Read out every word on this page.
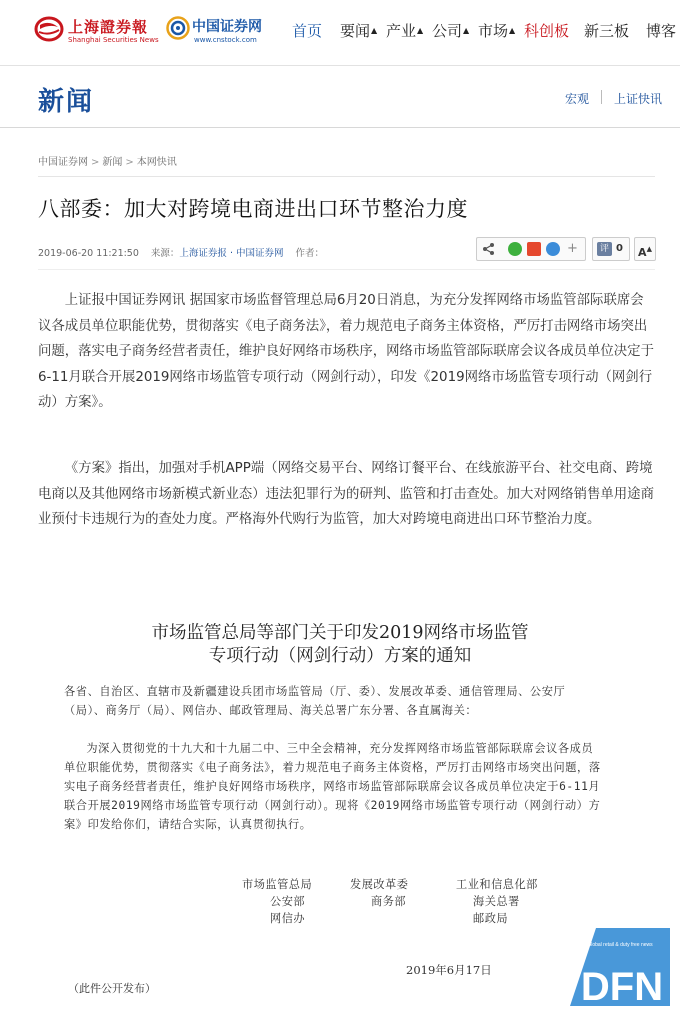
上海證券報
Shanghai Securities News
中国证券网
www.cnstock.com 首页 要闻▲ 产业▲ 公司▲ 市场▲ 科创板 新三板 博客
新闻	宏观 上证快讯
中国证券网 > 新闻 > 本网快讯
八部委：加大对跨境电商进出口环节整治力度
2019-06-20 11:21:50 来源：上海证券报 · 中国证券网 作者：	+	评 0	A▲

上证报中国证券网讯 据国家市场监督管理总局6月20日消息，为充分发挥网络市场监管部际联席会议各成员单位职能优势，贯彻落实《电子商务法》，着力规范电子商务主体资格，严厉打击网络市场突出问题，落实电子商务经营者责任，维护良好网络市场秩序，网络市场监管部际联席会议各成员单位决定于6-11月联合开展2019网络市场监管专项行动（网剑行动），印发《2019网络市场监管专项行动（网剑行动）方案》。

《方案》指出，加强对手机APP端（网络交易平台、网络订餐平台、在线旅游平台、社交电商、跨境电商以及其他网络市场新模式新业态）违法犯罪行为的研判、监管和打击查处。加大对网络销售单用途商业预付卡违规行为的查处力度。严格海外代购行为监管，加大对跨境电商进出口环节整治力度。

市场监管总局等部门关于印发2019网络市场监管
专项行动（网剑行动）方案的通知
各省、自治区、直辖市及新疆建设兵团市场监管局（厅、委）、发展改革委、通信管理局、公安厅（局）、商务厅（局）、网信办、邮政管理局、海关总署广东分署、各直属海关：
为深入贯彻党的十九大和十九届二中、三中全会精神，充分发挥网络市场监管部际联席会议各成员单位职能优势，贯彻落实《电子商务法》，着力规范电子商务主体资格，严厉打击网络市场突出问题，落实电子商务经营者责任，维护良好网络市场秩序，网络市场监管部际联席会议各成员单位决定于6-11月联合开展2019网络市场监管专项行动（网剑行动）。现将《2019网络市场监管专项行动（网剑行动）方案》印发给你们，请结合实际，认真贯彻执行。
市场监管总局	发展改革委	工业和信息化部
公安部	商务部	海关总署
网信办	邮政局
2019年6月17日
（此件公开发布）
Global retail & duty free news
DFN
